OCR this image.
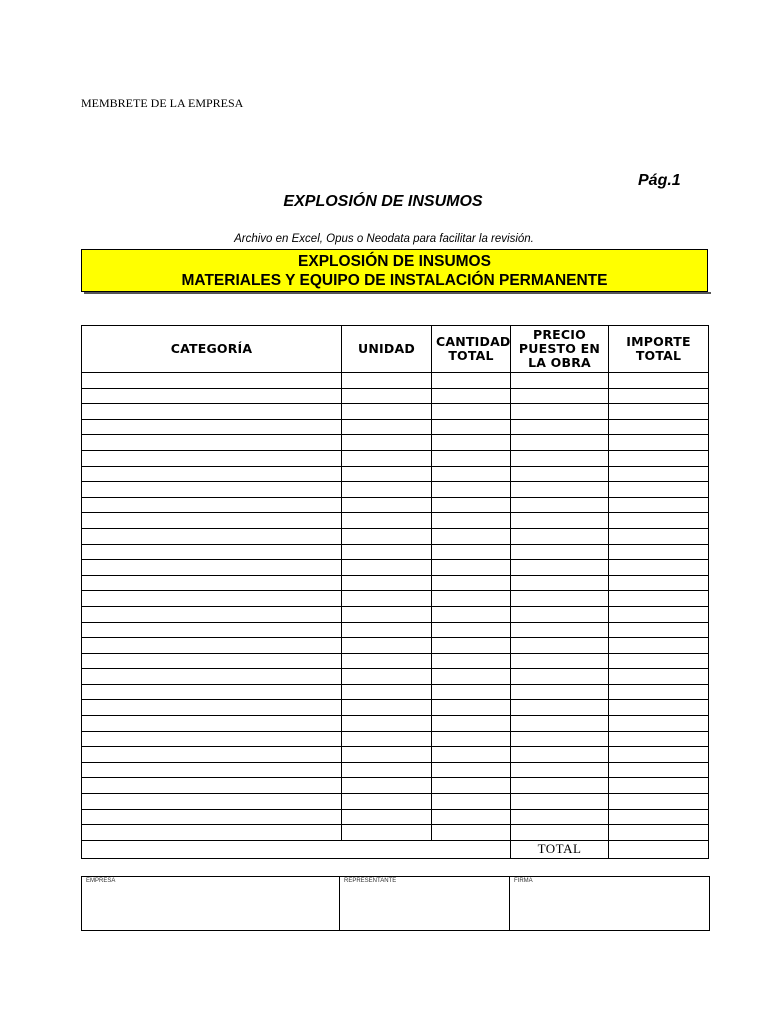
MEMBRETE DE LA EMPRESA
Pág.1
EXPLOSIÓN DE INSUMOS
Archivo en Excel, Opus o Neodata para facilitar la revisión.
EXPLOSIÓN DE INSUMOS
MATERIALES Y EQUIPO DE INSTALACIÓN PERMANENTE
CATEGORÍA	UNIDAD	CANTIDAD TOTAL	PRECIO PUESTO EN LA OBRA	IMPORTE TOTAL

			TOTAL	
EMPRESA	REPRESENTANTE	FIRMA
